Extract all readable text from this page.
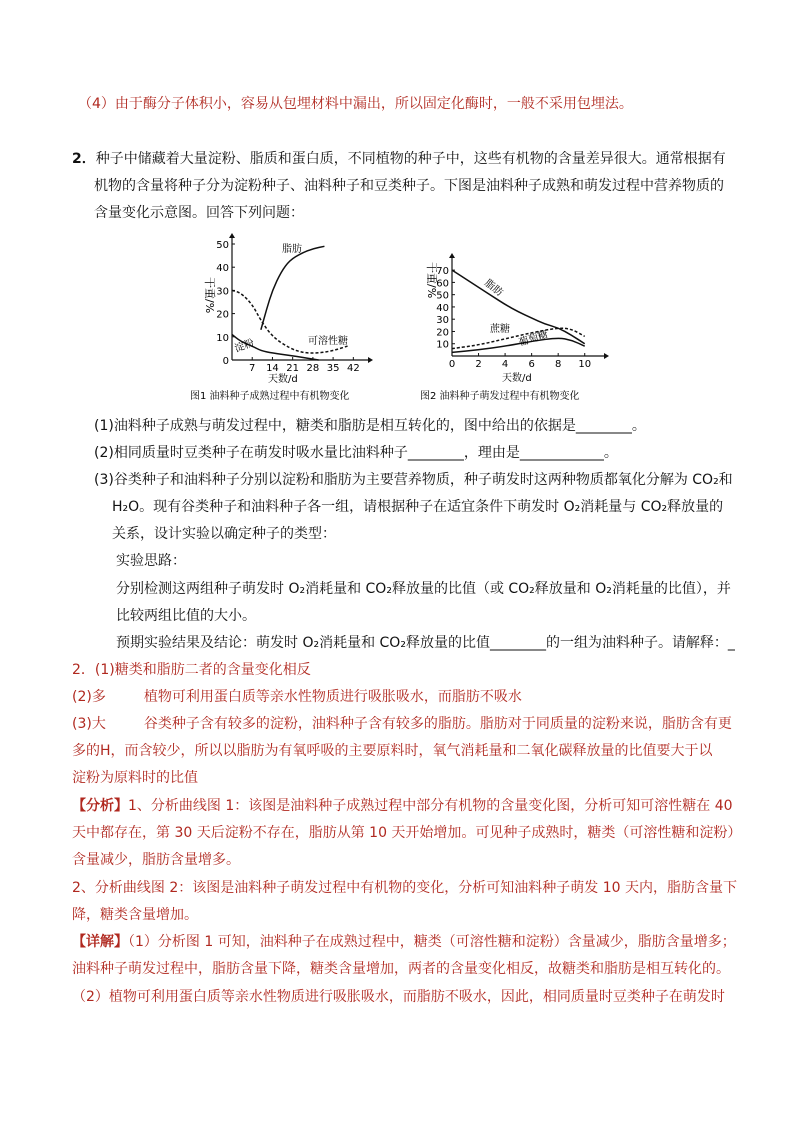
（4）由于酶分子体积小，容易从包埋材料中漏出，所以固定化酶时，一般不采用包埋法。
2．种子中储藏着大量淀粉、脂质和蛋白质，不同植物的种子中，这些有机物的含量差异很大。通常根据有
机物的含量将种子分为淀粉种子、油料种子和豆类种子。下图是油料种子成熟和萌发过程中营养物质的
含量变化示意图。回答下列问题：
0
10
20
30
40
50
7 14 21 28 35 42
脂肪
可溶性糖
淀粉
干重/%
天数/d
图1 油料种子成熟过程中有机物变化
10
20
30
40
50
60
70
0 2 4 6 8 10
脂肪
蔗糖 葡萄糖
干重/%
天数/d
图2 油料种子萌发过程中有机物变化
(1)油料种子成熟与萌发过程中，糖类和脂肪是相互转化的，图中给出的依据是________。
(2)相同质量时豆类种子在萌发时吸水量比油料种子________，理由是____________。
(3)谷类种子和油料种子分别以淀粉和脂肪为主要营养物质，种子萌发时这两种物质都氧化分解为 CO₂和
H₂O。现有谷类种子和油料种子各一组，请根据种子在适宜条件下萌发时 O₂消耗量与 CO₂释放量的
关系，设计实验以确定种子的类型：
实验思路：
分别检测这两组种子萌发时 O₂消耗量和 CO₂释放量的比值（或 CO₂释放量和 O₂消耗量的比值），并
比较两组比值的大小。
预期实验结果及结论：萌发时 O₂消耗量和 CO₂释放量的比值________的一组为油料种子。请解释：_
2．(1)糖类和脂肪二者的含量变化相反
(2)多	植物可利用蛋白质等亲水性物质进行吸胀吸水，而脂肪不吸水
(3)大	谷类种子含有较多的淀粉，油料种子含有较多的脂肪。脂肪对于同质量的淀粉来说，脂肪含有更
多的H，而含较少，所以以脂肪为有氧呼吸的主要原料时，氧气消耗量和二氧化碳释放量的比值要大于以
淀粉为原料时的比值
【分析】1、分析曲线图 1：该图是油料种子成熟过程中部分有机物的含量变化图，分析可知可溶性糖在 40
天中都存在，第 30 天后淀粉不存在，脂肪从第 10 天开始增加。可见种子成熟时，糖类（可溶性糖和淀粉）
含量减少，脂肪含量增多。
2、分析曲线图 2：该图是油料种子萌发过程中有机物的变化，分析可知油料种子萌发 10 天内，脂肪含量下
降，糖类含量增加。
【详解】（1）分析图 1 可知，油料种子在成熟过程中，糖类（可溶性糖和淀粉）含量减少，脂肪含量增多；
油料种子萌发过程中，脂肪含量下降，糖类含量增加，两者的含量变化相反，故糖类和脂肪是相互转化的。
（2）植物可利用蛋白质等亲水性物质进行吸胀吸水，而脂肪不吸水，因此，相同质量时豆类种子在萌发时
